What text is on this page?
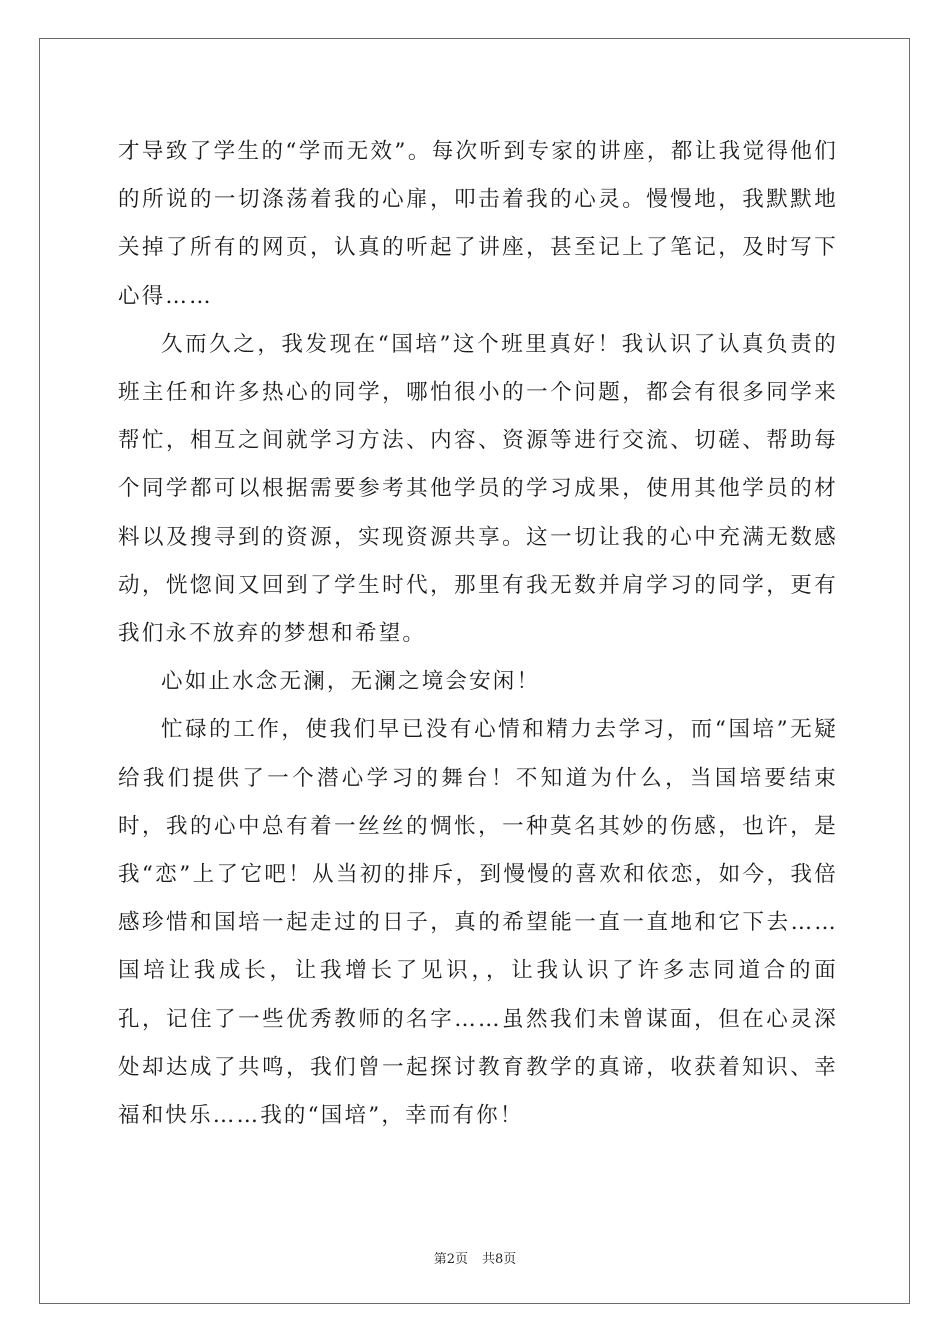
才导致了学生的“学而无效”。每次听到专家的讲座，都让我觉得他们的所说的一切涤荡着我的心扉，叩击着我的心灵。慢慢地，我默默地关掉了所有的网页，认真的听起了讲座，甚至记上了笔记，及时写下心得……

久而久之，我发现在“国培”这个班里真好！我认识了认真负责的班主任和许多热心的同学，哪怕很小的一个问题，都会有很多同学来帮忙，相互之间就学习方法、内容、资源等进行交流、切磋、帮助每个同学都可以根据需要参考其他学员的学习成果，使用其他学员的材料以及搜寻到的资源，实现资源共享。这一切让我的心中充满无数感动，恍惚间又回到了学生时代，那里有我无数并肩学习的同学，更有我们永不放弃的梦想和希望。

心如止水念无澜，无澜之境会安闲！

忙碌的工作，使我们早已没有心情和精力去学习，而“国培”无疑给我们提供了一个潜心学习的舞台！不知道为什么，当国培要结束时，我的心中总有着一丝丝的惆怅，一种莫名其妙的伤感，也许，是我“恋”上了它吧！从当初的排斥，到慢慢的喜欢和依恋，如今，我倍感珍惜和国培一起走过的日子，真的希望能一直一直地和它下去……国培让我成长，让我增长了见识，，让我认识了许多志同道合的面孔，记住了一些优秀教师的名字……虽然我们未曾谋面，但在心灵深处却达成了共鸣，我们曾一起探讨教育教学的真谛，收获着知识、幸福和快乐……我的“国培”，幸而有你！

第2页 共8页
